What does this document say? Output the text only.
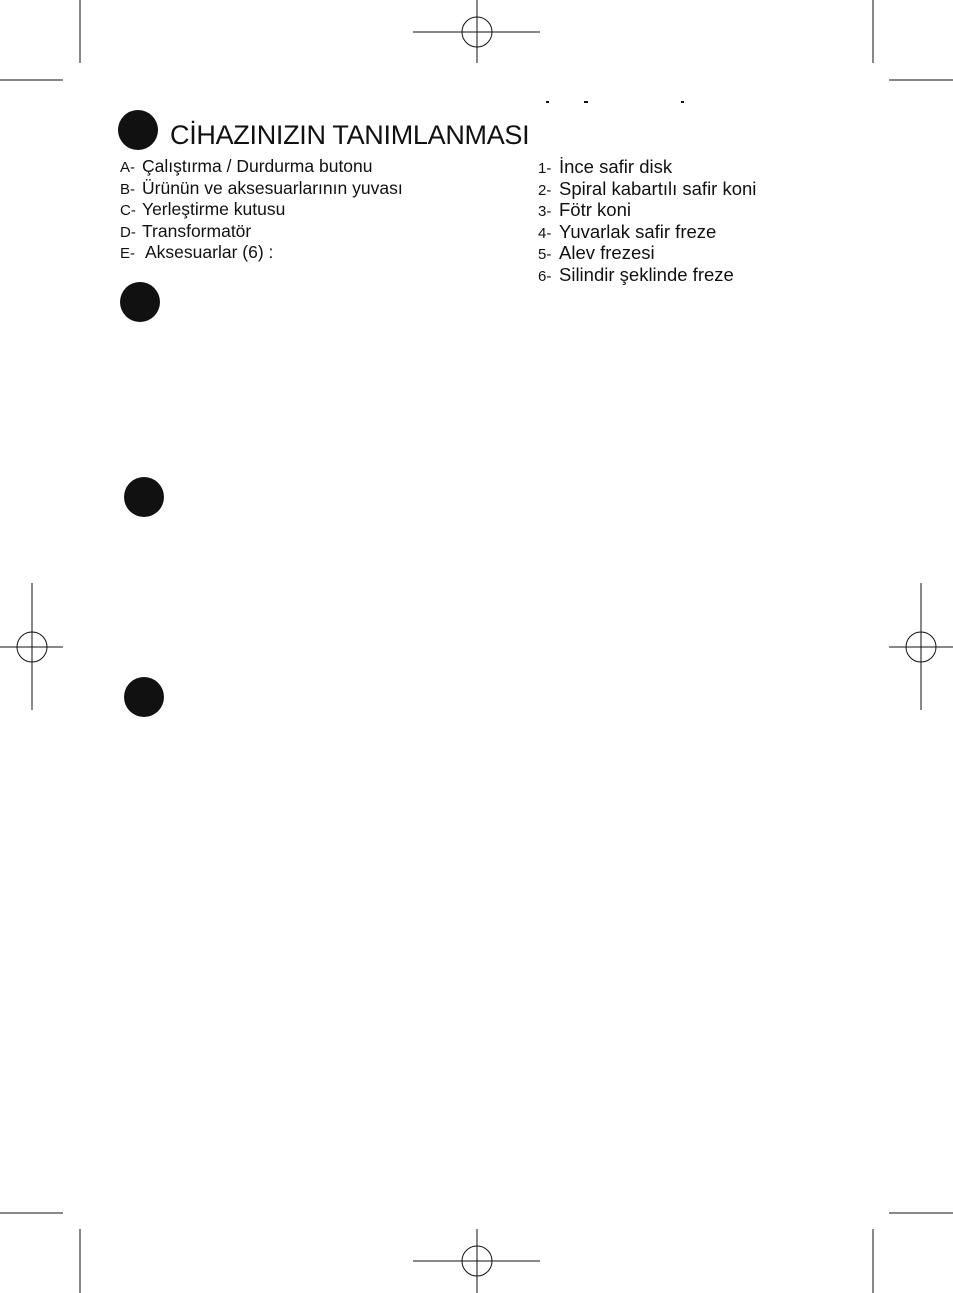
CİHAZINIZIN TANIMLANMASI
A- Çalıştırma / Durdurma butonu
B- Ürünün ve aksesuarlarının yuvası
C- Yerleştirme kutusu
D- Transformatör
E- Aksesuarlar (6) :
1- İnce safir disk
2- Spiral kabartılı safir koni
3- Fötr koni
4- Yuvarlak safir freze
5- Alev frezesi
6- Silindir şeklinde freze
